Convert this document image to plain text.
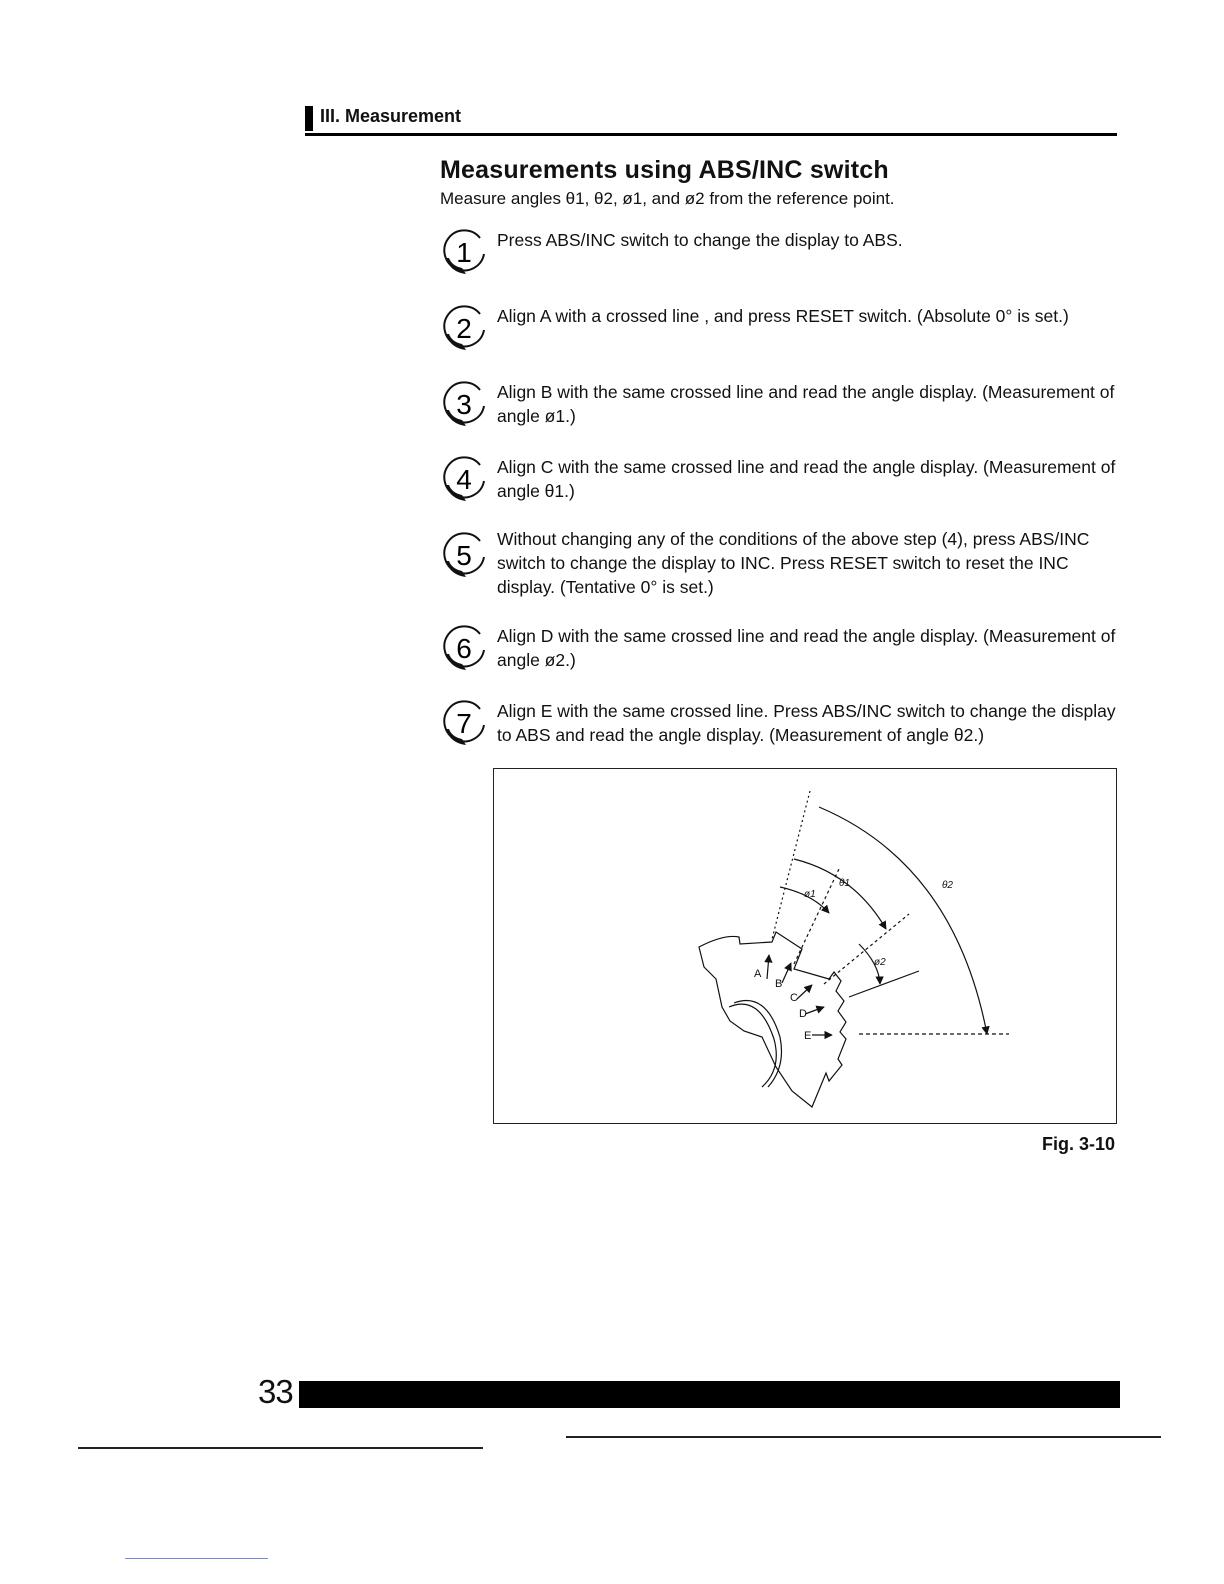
III. Measurement
Measurements using ABS/INC switch
Measure angles θ1, θ2, ø1, and ø2 from the reference point.
1 Press ABS/INC switch to change the display to ABS.
2 Align A with a crossed line , and press RESET switch. (Absolute 0° is set.)
3 Align B with the same crossed line and read the angle display. (Measurement of angle ø1.)
4 Align C with the same crossed line and read the angle display. (Measurement of angle θ1.)
5
Without changing any of the conditions of the above step (4), press ABS/INC switch to change the display to INC. Press RESET switch to reset the INC display. (Tentative 0° is set.)
6 Align D with the same crossed line and read the angle display. (Measurement of angle ø2.)
7 Align E with the same crossed line. Press ABS/INC switch to change the display to ABS and read the angle display. (Measurement of angle θ2.)
A
B
C
D
E
θ1	θ2
ø1
ø2
Fig. 3-10
33
